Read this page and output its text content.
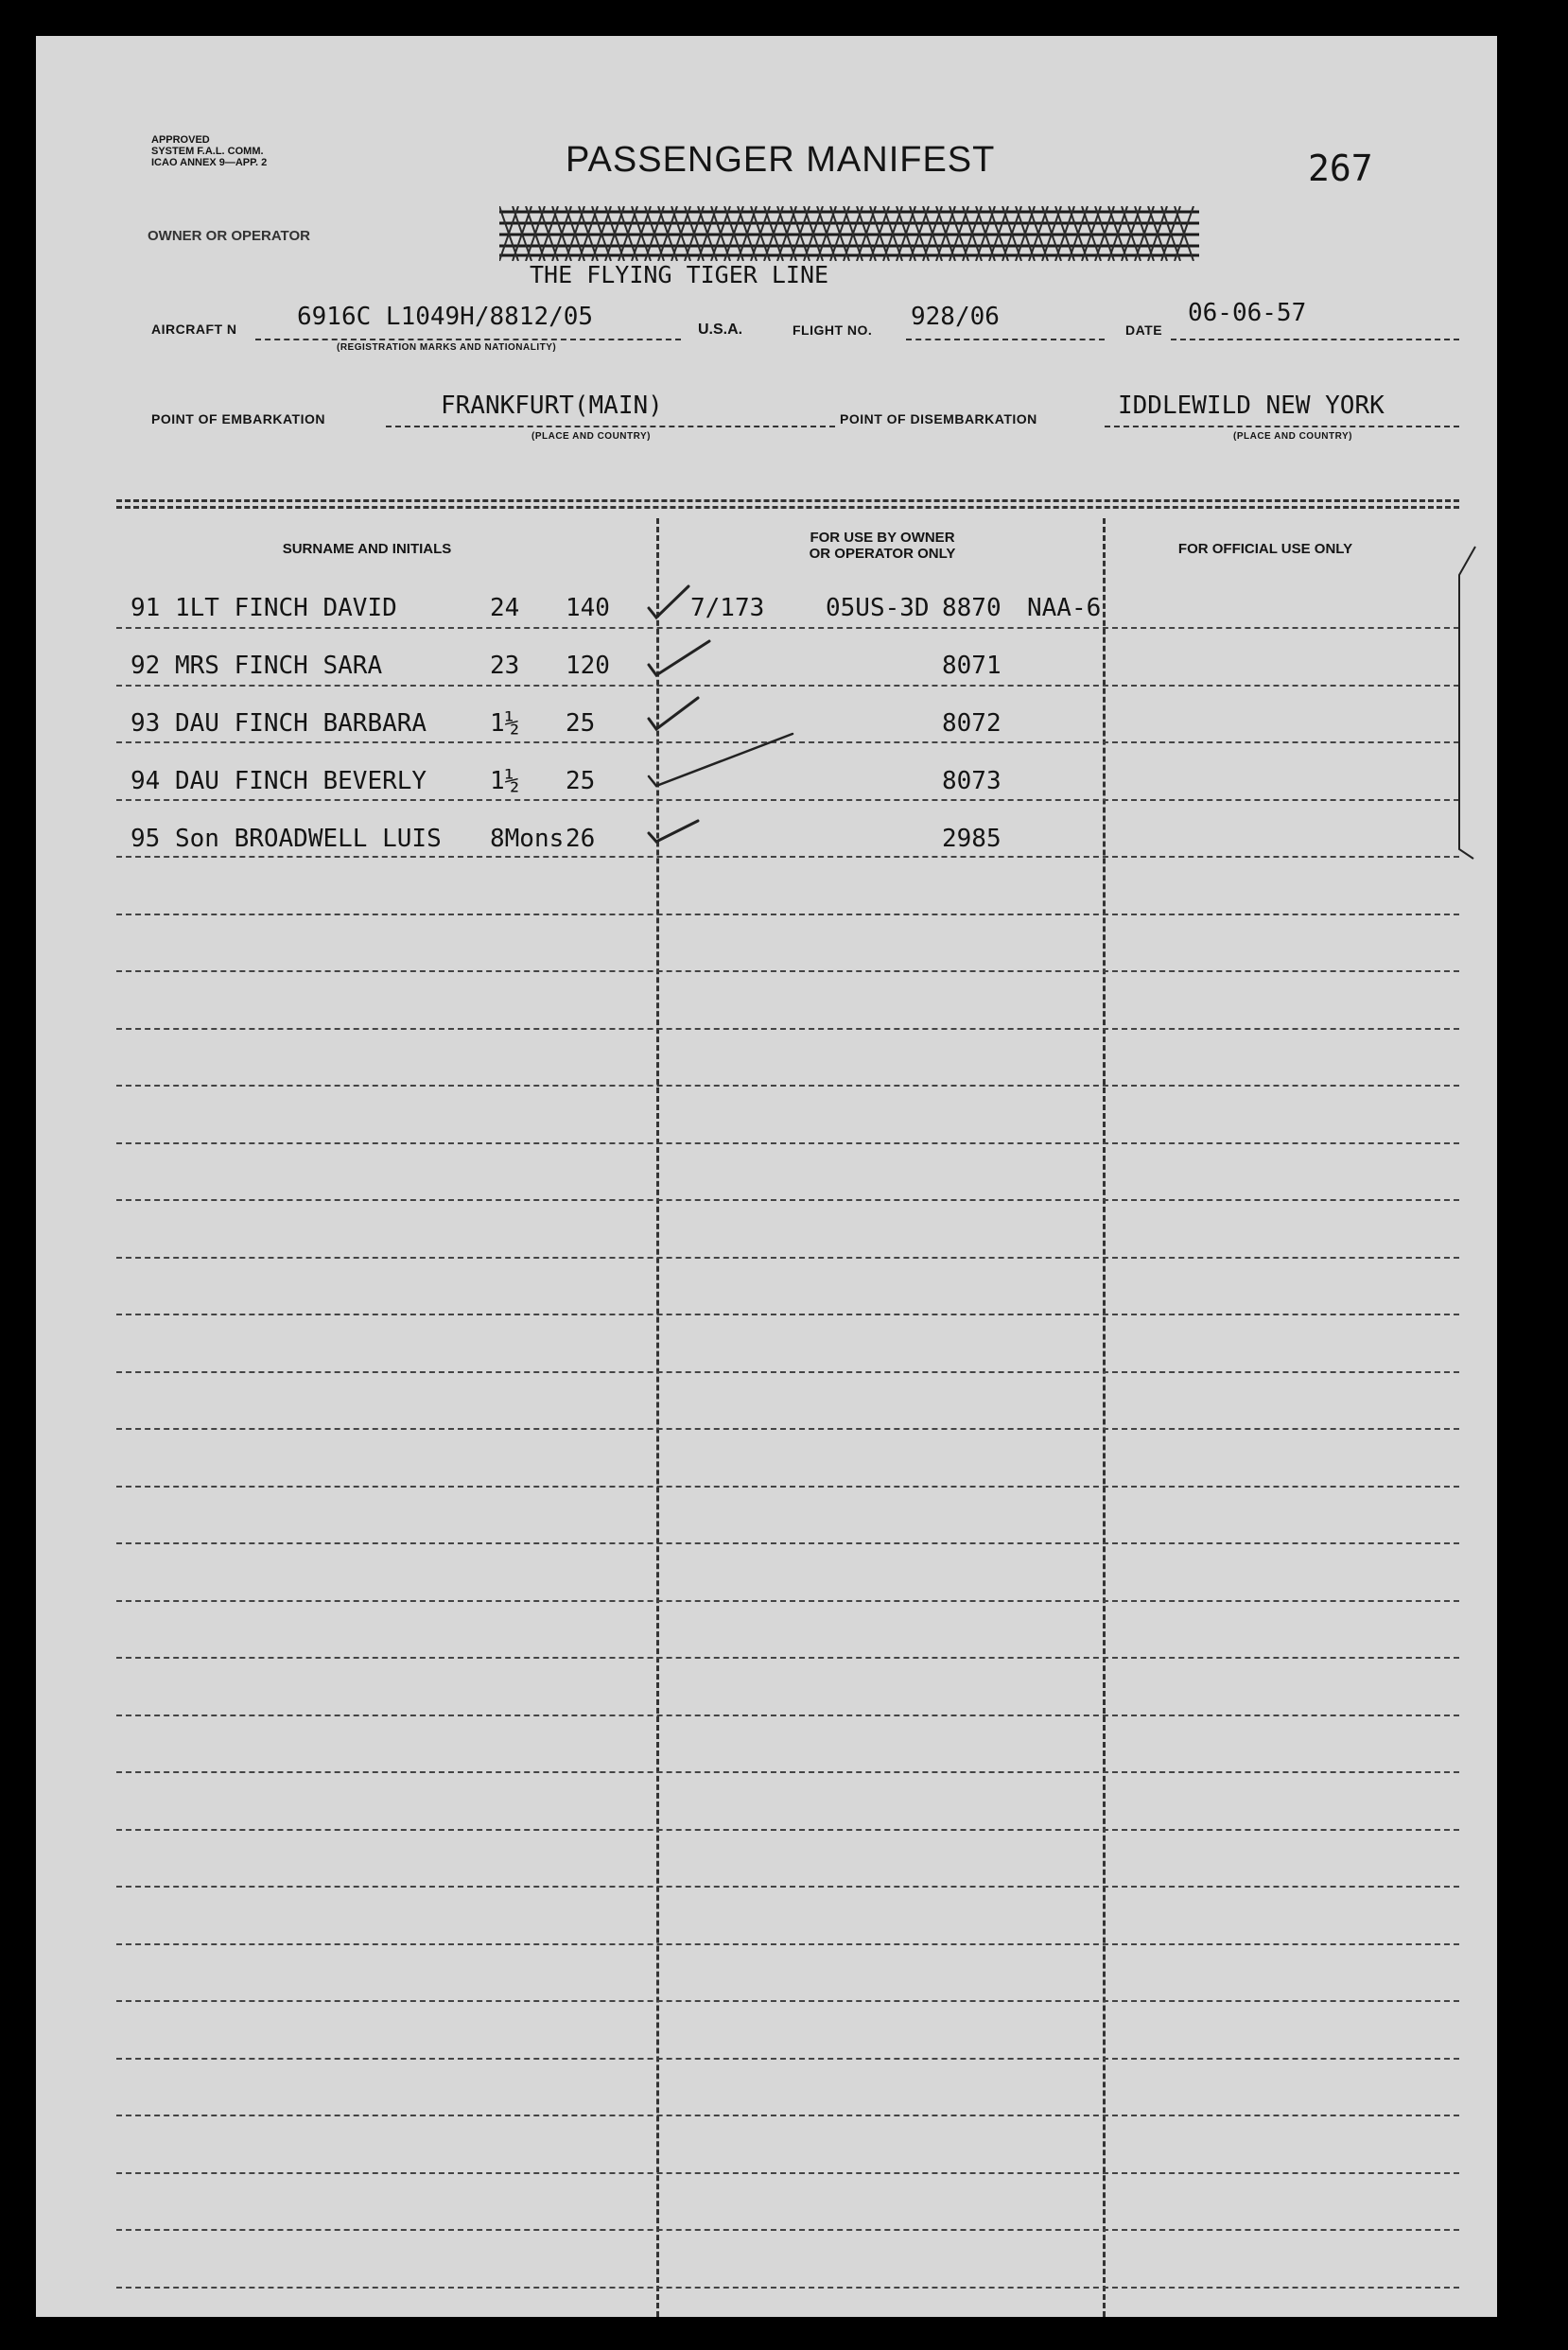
APPROVED
SYSTEM F.A.L. COMM.
ICAO ANNEX 9—APP. 2	PASSENGER MANIFEST	267
OWNER OR OPERATOR
THE FLYING TIGER LINE
AIRCRAFT N 6916C L1049H/8812/05
(REGISTRATION MARKS AND NATIONALITY)
U.S.A.	FLIGHT NO. 928/06	DATE
06-06-57
POINT OF EMBARKATION	FRANKFURT(MAIN)
(PLACE AND COUNTRY)
POINT OF DISEMBARKATION	IDDLEWILD NEW YORK
(PLACE AND COUNTRY)
SURNAME AND INITIALS
FOR USE BY OWNER
OR OPERATOR ONLY	FOR OFFICIAL USE ONLY
91 1LT FINCH DAVID	24 140	7/173 05US-3D 8870 NAA-6
92 MRS FINCH SARA	23 120	8071
93 DAU FINCH BARBARA	1½ 25	8072
94 DAU FINCH BEVERLY	1½ 25	8073
95 Son BROADWELL LUIS 8Mons 26	2985
